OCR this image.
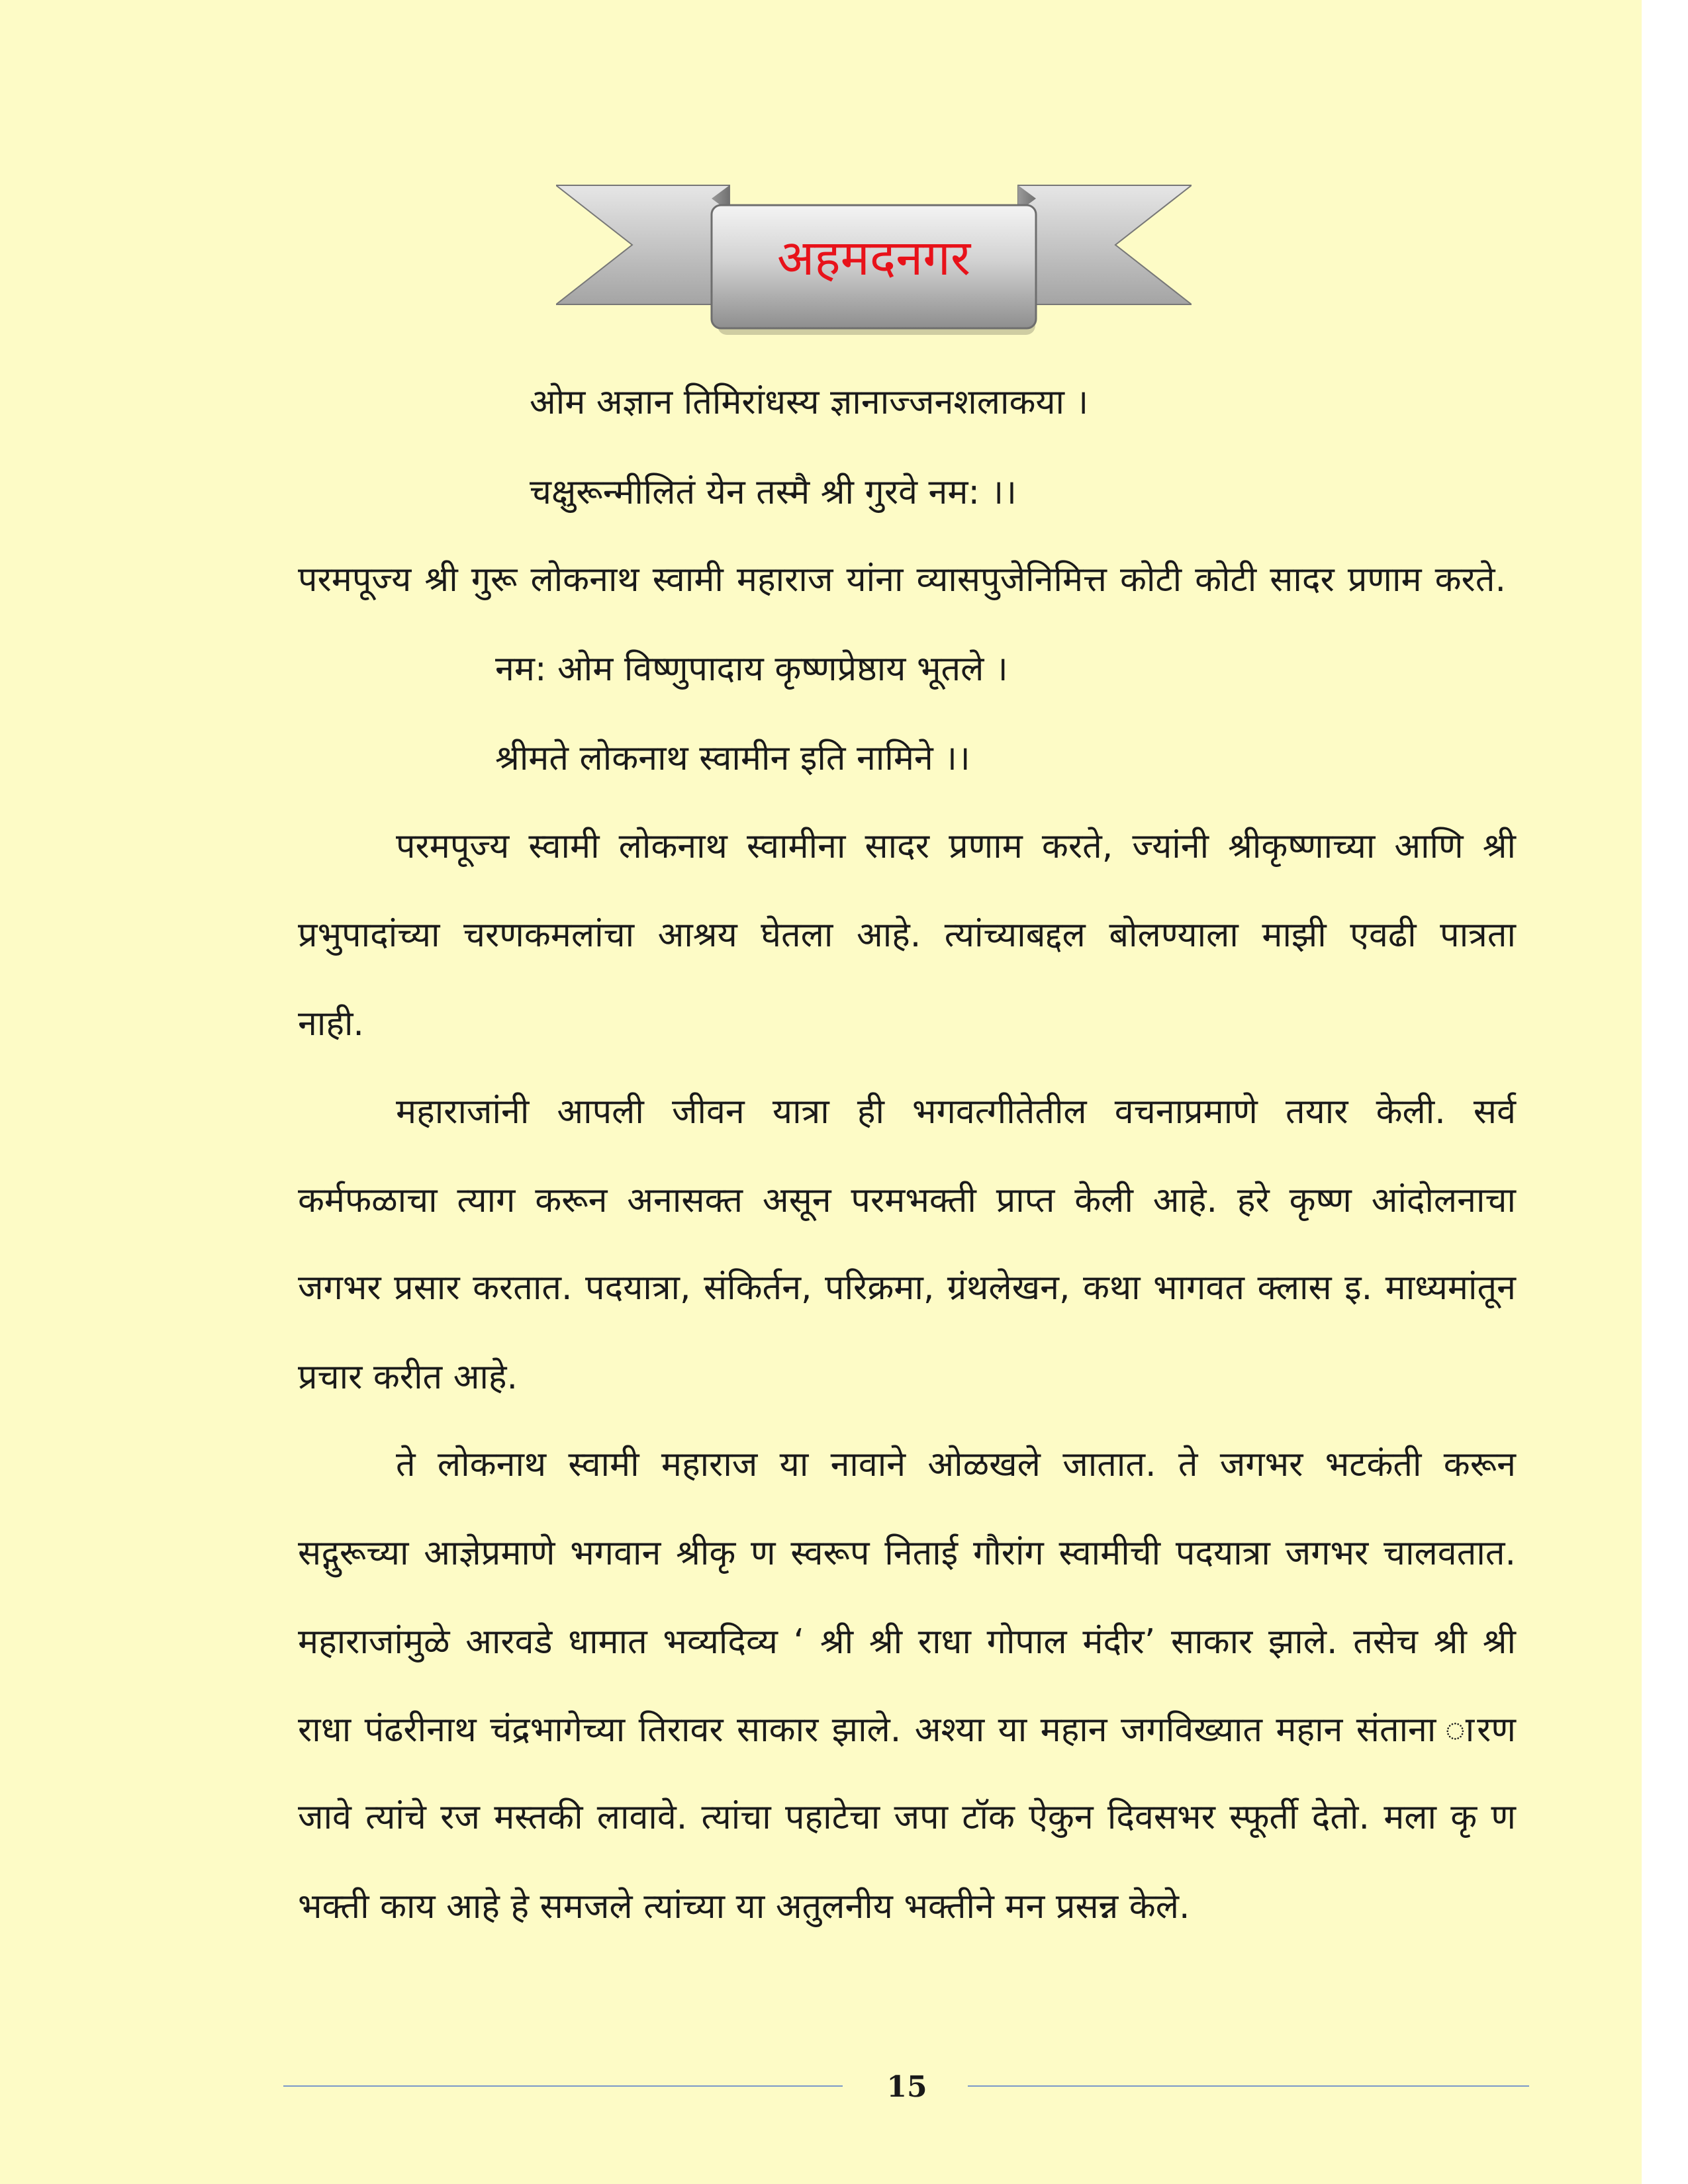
अहमदनगर
ओम अज्ञान तिमिरांधस्य ज्ञानाज्जनशलाकया ।
चक्षुरून्मीलितं येन तस्मै श्री गुरवे नम: ।।
परमपूज्य श्री गुरू लोकनाथ स्वामी महाराज यांना व्यासपुजेनिमित्त कोटी कोटी सादर प्रणाम करते.
नम: ओम विष्णुपादाय कृष्णप्रेष्ठाय भूतले ।
श्रीमते लोकनाथ स्वामीन इति नामिने ।।
परमपूज्य स्वामी लोकनाथ स्वामीना सादर प्रणाम करते, ज्यांनी श्रीकृष्णाच्या आणि श्री
प्रभुपादांच्या चरणकमलांचा आश्रय घेतला आहे. त्यांच्याबद्दल बोलण्याला माझी एवढी पात्रता
नाही.
महाराजांनी आपली जीवन यात्रा ही भगवत्गीतेतील वचनाप्रमाणे तयार केली. सर्व
कर्मफळाचा त्याग करून अनासक्त असून परमभक्ती प्राप्त केली आहे. हरे कृष्ण आंदोलनाचा
जगभर प्रसार करतात. पदयात्रा, संकिर्तन, परिक्रमा, ग्रंथलेखन, कथा भागवत क्लास इ. माध्यमांतून
प्रचार करीत आहे.
ते लोकनाथ स्वामी महाराज या नावाने ओळखले जातात. ते जगभर भटकंती करून
सद्गुरूच्या आज्ञेप्रमाणे भगवान श्रीकृ ण स्वरूप निताई गौरांग स्वामीची पदयात्रा जगभर चालवतात.
महाराजांमुळे आरवडे धामात भव्यदिव्य ‘ श्री श्री राधा गोपाल मंदीर’ साकार झाले. तसेच श्री श्री
राधा पंढरीनाथ चंद्रभागेच्या तिरावर साकार झाले. अश्या या महान जगविख्यात महान संताना ारण
जावे त्यांचे रज मस्तकी लावावे. त्यांचा पहाटेचा जपा टॉक ऐकुन दिवसभर स्फूर्ती देतो. मला कृ ण
भक्ती काय आहे हे समजले त्यांच्या या अतुलनीय भक्तीने मन प्रसन्न केले.
15
